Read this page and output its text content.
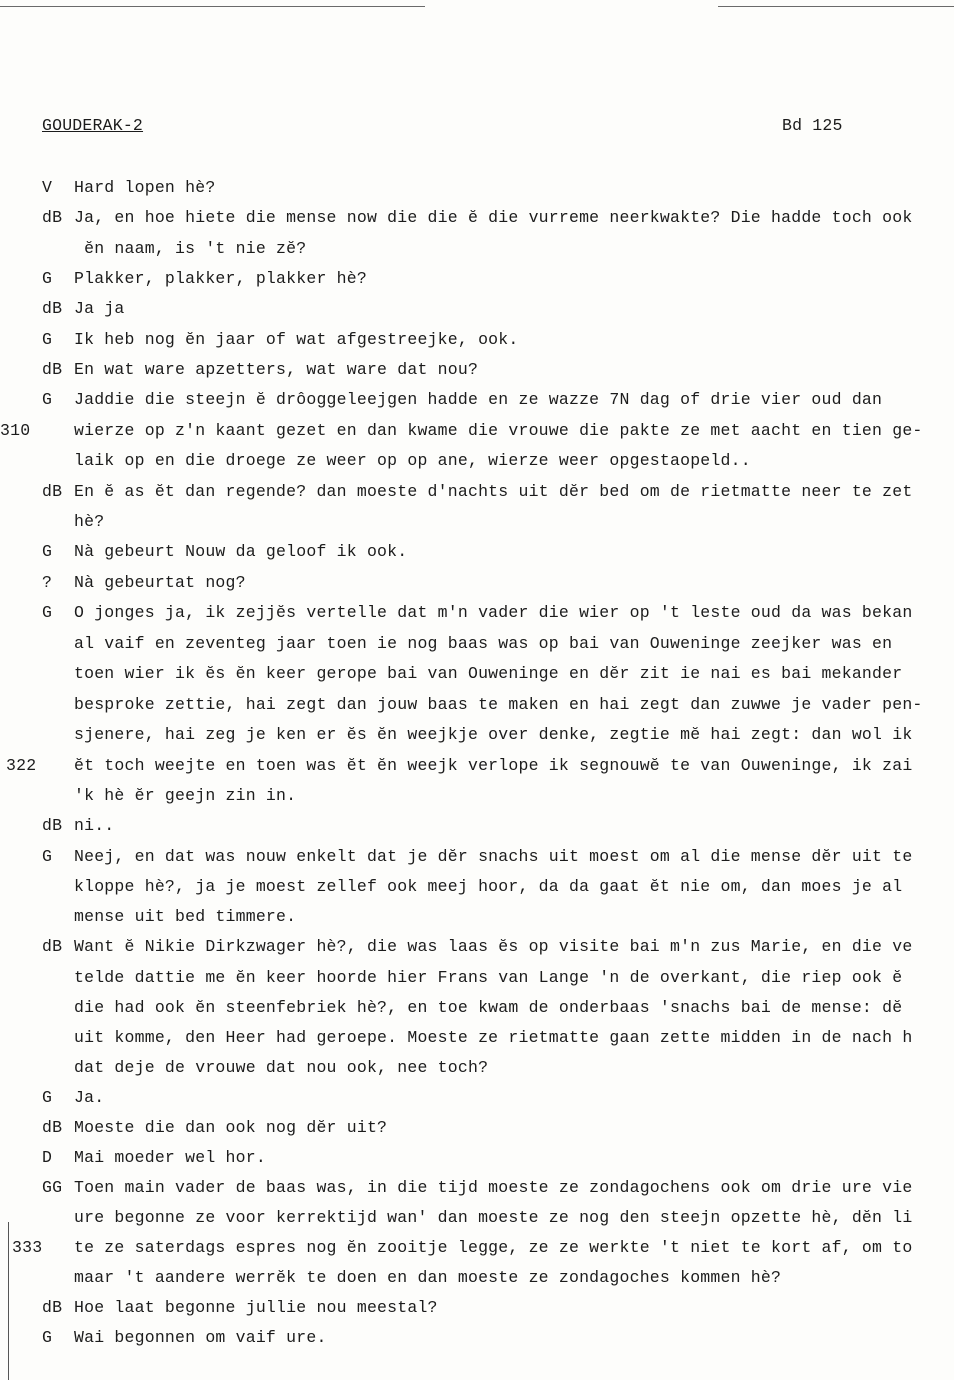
GOUDERAK-2	Bd 125
V	Hard lopen hè?
dB Ja, en hoe hiete die mense now die die ĕ die vurreme neerkwakte? Die hadde toch ook
ĕn naam, is 't nie zĕ?
G	Plakker, plakker, plakker hè?
dB Ja ja
G	Ik heb nog ĕn jaar of wat afgestreejke, ook.
dB En wat ware apzetters, wat ware dat nou?
G	Jaddie die steejn ĕ drôoggeleejgen hadde en ze wazze 7N dag of drie vier oud dan
310	wierze op z'n kaant gezet en dan kwame die vrouwe die pakte ze met aacht en tien ge-
laik op en die droege ze weer op op ane, wierze weer opgestaopeld..
dB En ĕ as ĕt dan regende? dan moeste d'nachts uit dĕr bed om de rietmatte neer te zet
hè?
G	Nà gebeurt Nouw da geloof ik ook.
?	Nà gebeurtat nog?
G	O jonges ja, ik zejjĕs vertelle dat m'n vader die wier op 't leste oud da was bekan
al vaif en zeventeg jaar toen ie nog baas was op bai van Ouweninge zeejker was en
toen wier ik ĕs ĕn keer gerope bai van Ouweninge en dĕr zit ie nai es bai mekander
besproke zettie, hai zegt dan jouw baas te maken en hai zegt dan zuwwe je vader pen-
sjenere, hai zeg je ken er ĕs ĕn weejkje over denke, zegtie mĕ hai zegt: dan wol ik
322 ĕt toch weejte en toen was ĕt ĕn weejk verlope ik segnouwĕ te van Ouweninge, ik zai
'k hè ĕr geejn zin in.
dB ni..
G	Neej, en dat was nouw enkelt dat je dĕr snachs uit moest om al die mense dĕr uit te
kloppe hè?, ja je moest zellef ook meej hoor, da da gaat ĕt nie om, dan moes je al
mense uit bed timmere.
dB Want ĕ Nikie Dirkzwager hè?, die was laas ĕs op visite bai m'n zus Marie, en die ve
telde dattie me ĕn keer hoorde hier Frans van Lange 'n de overkant, die riep ook ĕ
die had ook ĕn steenfebriek hè?, en toe kwam de onderbaas 'snachs bai de mense: dĕ
uit komme, den Heer had geroepe. Moeste ze rietmatte gaan zette midden in de nach h
dat deje de vrouwe dat nou ook, nee toch?
G	Ja.
dB Moeste die dan ook nog dĕr uit?
D	Mai moeder wel hor.
GG Toen main vader de baas was, in die tijd moeste ze zondagochens ook om drie ure vie
ure begonne ze voor kerrektijd wan' dan moeste ze nog den steejn opzette hè, dĕn li
333 te ze saterdags espres nog ĕn zooitje legge, ze ze werkte 't niet te kort af, om to
maar 't aandere werrĕk te doen en dan moeste ze zondagoches kommen hè?
dB Hoe laat begonne jullie nou meestal?
G	Wai begonnen om vaif ure.
